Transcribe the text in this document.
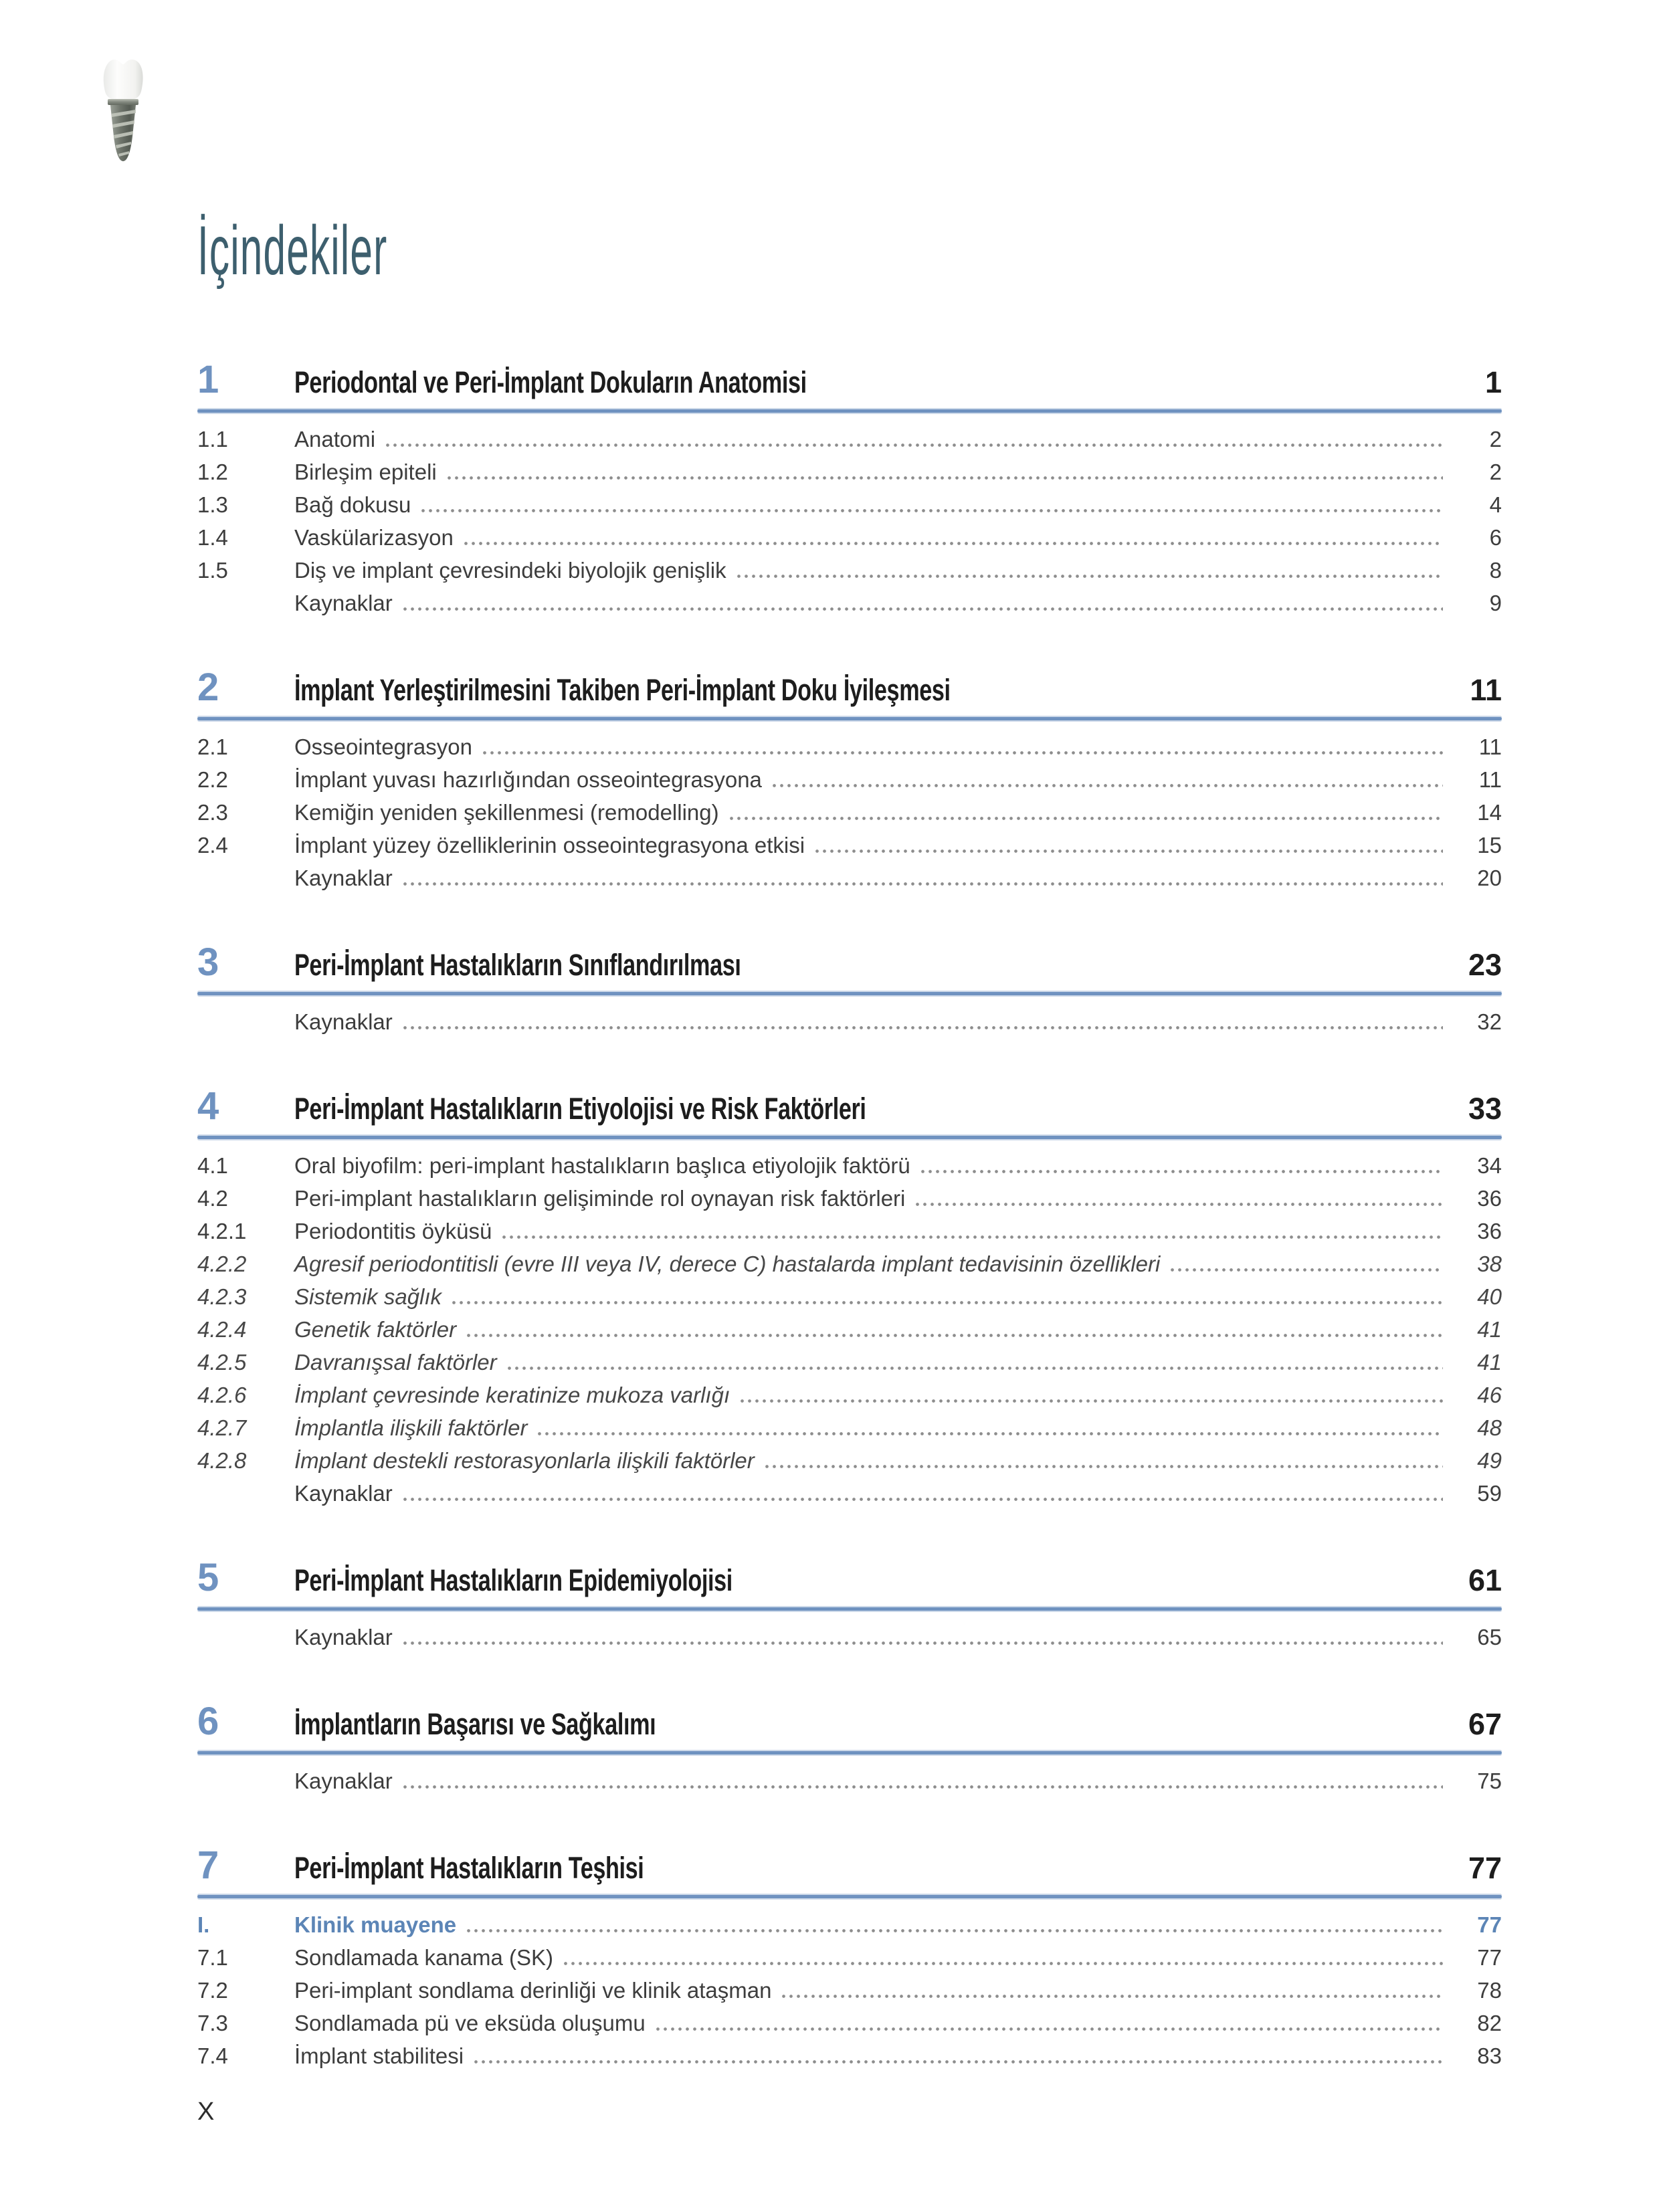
İçindekiler
1	Periodontal ve Peri-İmplant Dokuların Anatomisi	1
1.1	Anatomi	2
1.2	Birleşim epiteli	2
1.3	Bağ dokusu	4
1.4	Vaskülarizasyon	6
1.5	Diş ve implant çevresindeki biyolojik genişlik	8
Kaynaklar	9
2	İmplant Yerleştirilmesini Takiben Peri-İmplant Doku İyileşmesi	11
2.1	Osseointegrasyon	11
2.2	İmplant yuvası hazırlığından osseointegrasyona	11
2.3	Kemiğin yeniden şekillenmesi (remodelling)	14
2.4	İmplant yüzey özelliklerinin osseointegrasyona etkisi	15
Kaynaklar	20
3	Peri-İmplant Hastalıkların Sınıflandırılması	23
Kaynaklar	32
4	Peri-İmplant Hastalıkların Etiyolojisi ve Risk Faktörleri	33
4.1	Oral biyofilm: peri-implant hastalıkların başlıca etiyolojik faktörü	34
4.2	Peri-implant hastalıkların gelişiminde rol oynayan risk faktörleri	36
4.2.1	Periodontitis öyküsü	36
4.2.2	Agresif periodontitisli (evre III veya IV, derece C) hastalarda implant tedavisinin özellikleri	38
4.2.3	Sistemik sağlık	40
4.2.4	Genetik faktörler	41
4.2.5	Davranışsal faktörler	41
4.2.6	İmplant çevresinde keratinize mukoza varlığı	46
4.2.7	İmplantla ilişkili faktörler	48
4.2.8	İmplant destekli restorasyonlarla ilişkili faktörler	49
Kaynaklar	59
5	Peri-İmplant Hastalıkların Epidemiyolojisi	61
Kaynaklar	65
6	İmplantların Başarısı ve Sağkalımı	67
Kaynaklar	75
7	Peri-İmplant Hastalıkların Teşhisi	77
I.	Klinik muayene	77
7.1	Sondlamada kanama (SK)	77
7.2	Peri-implant sondlama derinliği ve klinik ataşman	78
7.3	Sondlamada pü ve eksüda oluşumu	82
7.4	İmplant stabilitesi	83
X
